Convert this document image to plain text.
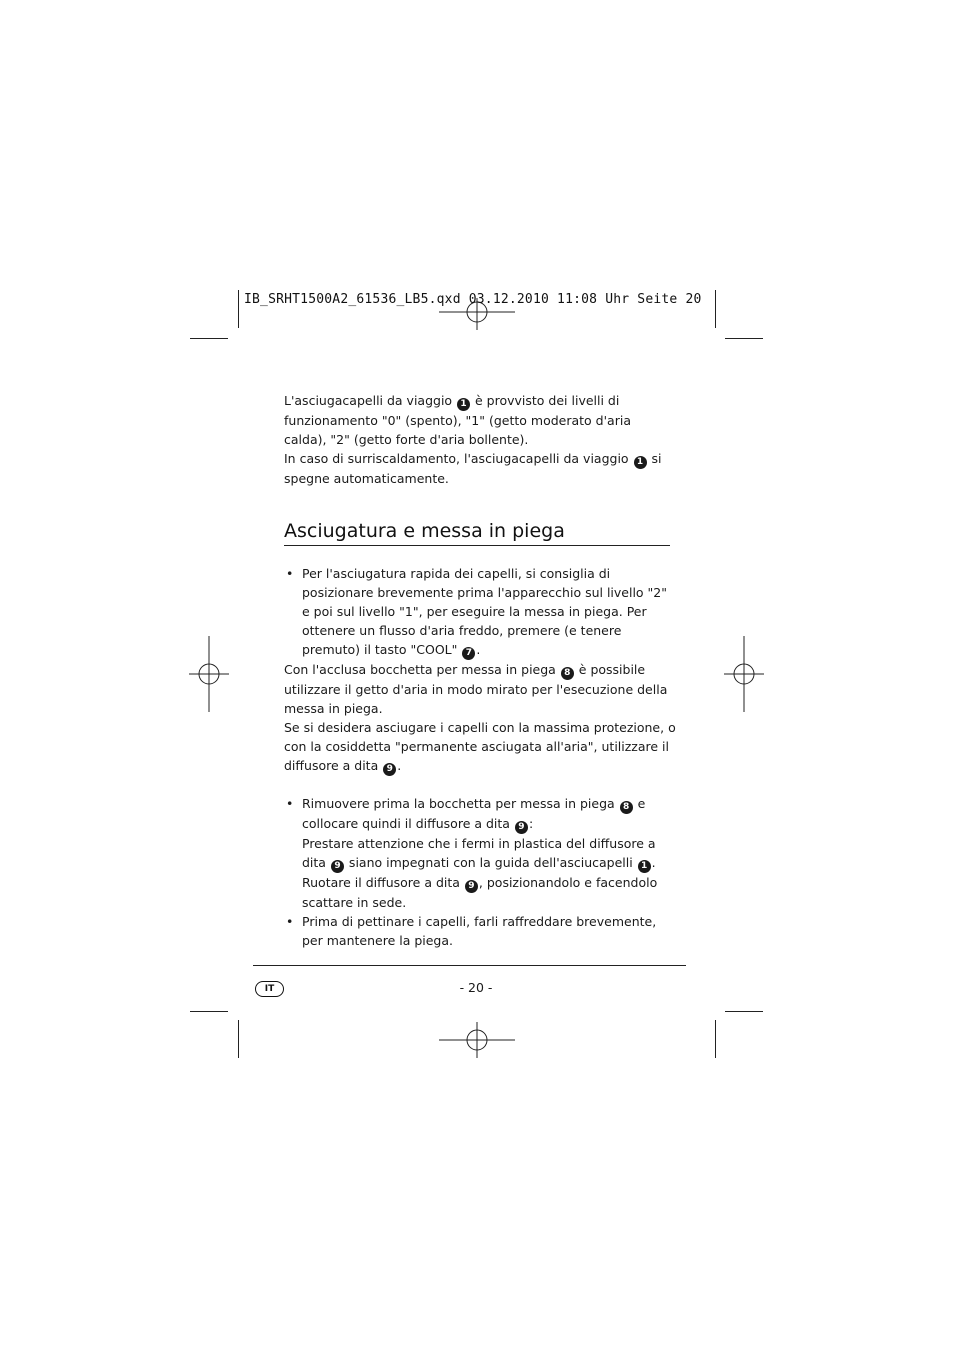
IB_SRHT1500A2_61536_LB5.qxd 03.12.2010 11:08 Uhr Seite 20
L'asciugacapelli da viaggio 1 è provvisto dei livelli di funzionamento "0" (spento), "1" (getto moderato d'aria calda), "2" (getto forte d'aria bollente).
In caso di surriscaldamento, l'asciugacapelli da viaggio 1 si spegne automaticamente.
Asciugatura e messa in piega
• Per l'asciugatura rapida dei capelli, si consiglia di posizionare brevemente prima l'apparecchio sul livello "2" e poi sul livello "1", per eseguire la messa in piega. Per ottenere un flusso d'aria freddo, premere (e tenere premuto) il tasto "COOL" 7 .
Con l'acclusa bocchetta per messa in piega 8 è possibile utilizzare il getto d'aria in modo mirato per l'esecuzione della messa in piega.
Se si desidera asciugare i capelli con la massima protezione, o con la cosiddetta "permanente asciugata all'aria", utilizzare il diffusore a dita 9 .
• Rimuovere prima la bocchetta per messa in piega 8 e collocare quindi il diffusore a dita 9 :
Prestare attenzione che i fermi in plastica del diffusore a dita 9 siano impegnati con la guida dell'asciucapelli 1 . Ruotare il diffusore a dita 9 , posizionandolo e facendolo scattare in sede.
• Prima di pettinare i capelli, farli raffreddare brevemente, per mantenere la piega.
IT	- 20 -
